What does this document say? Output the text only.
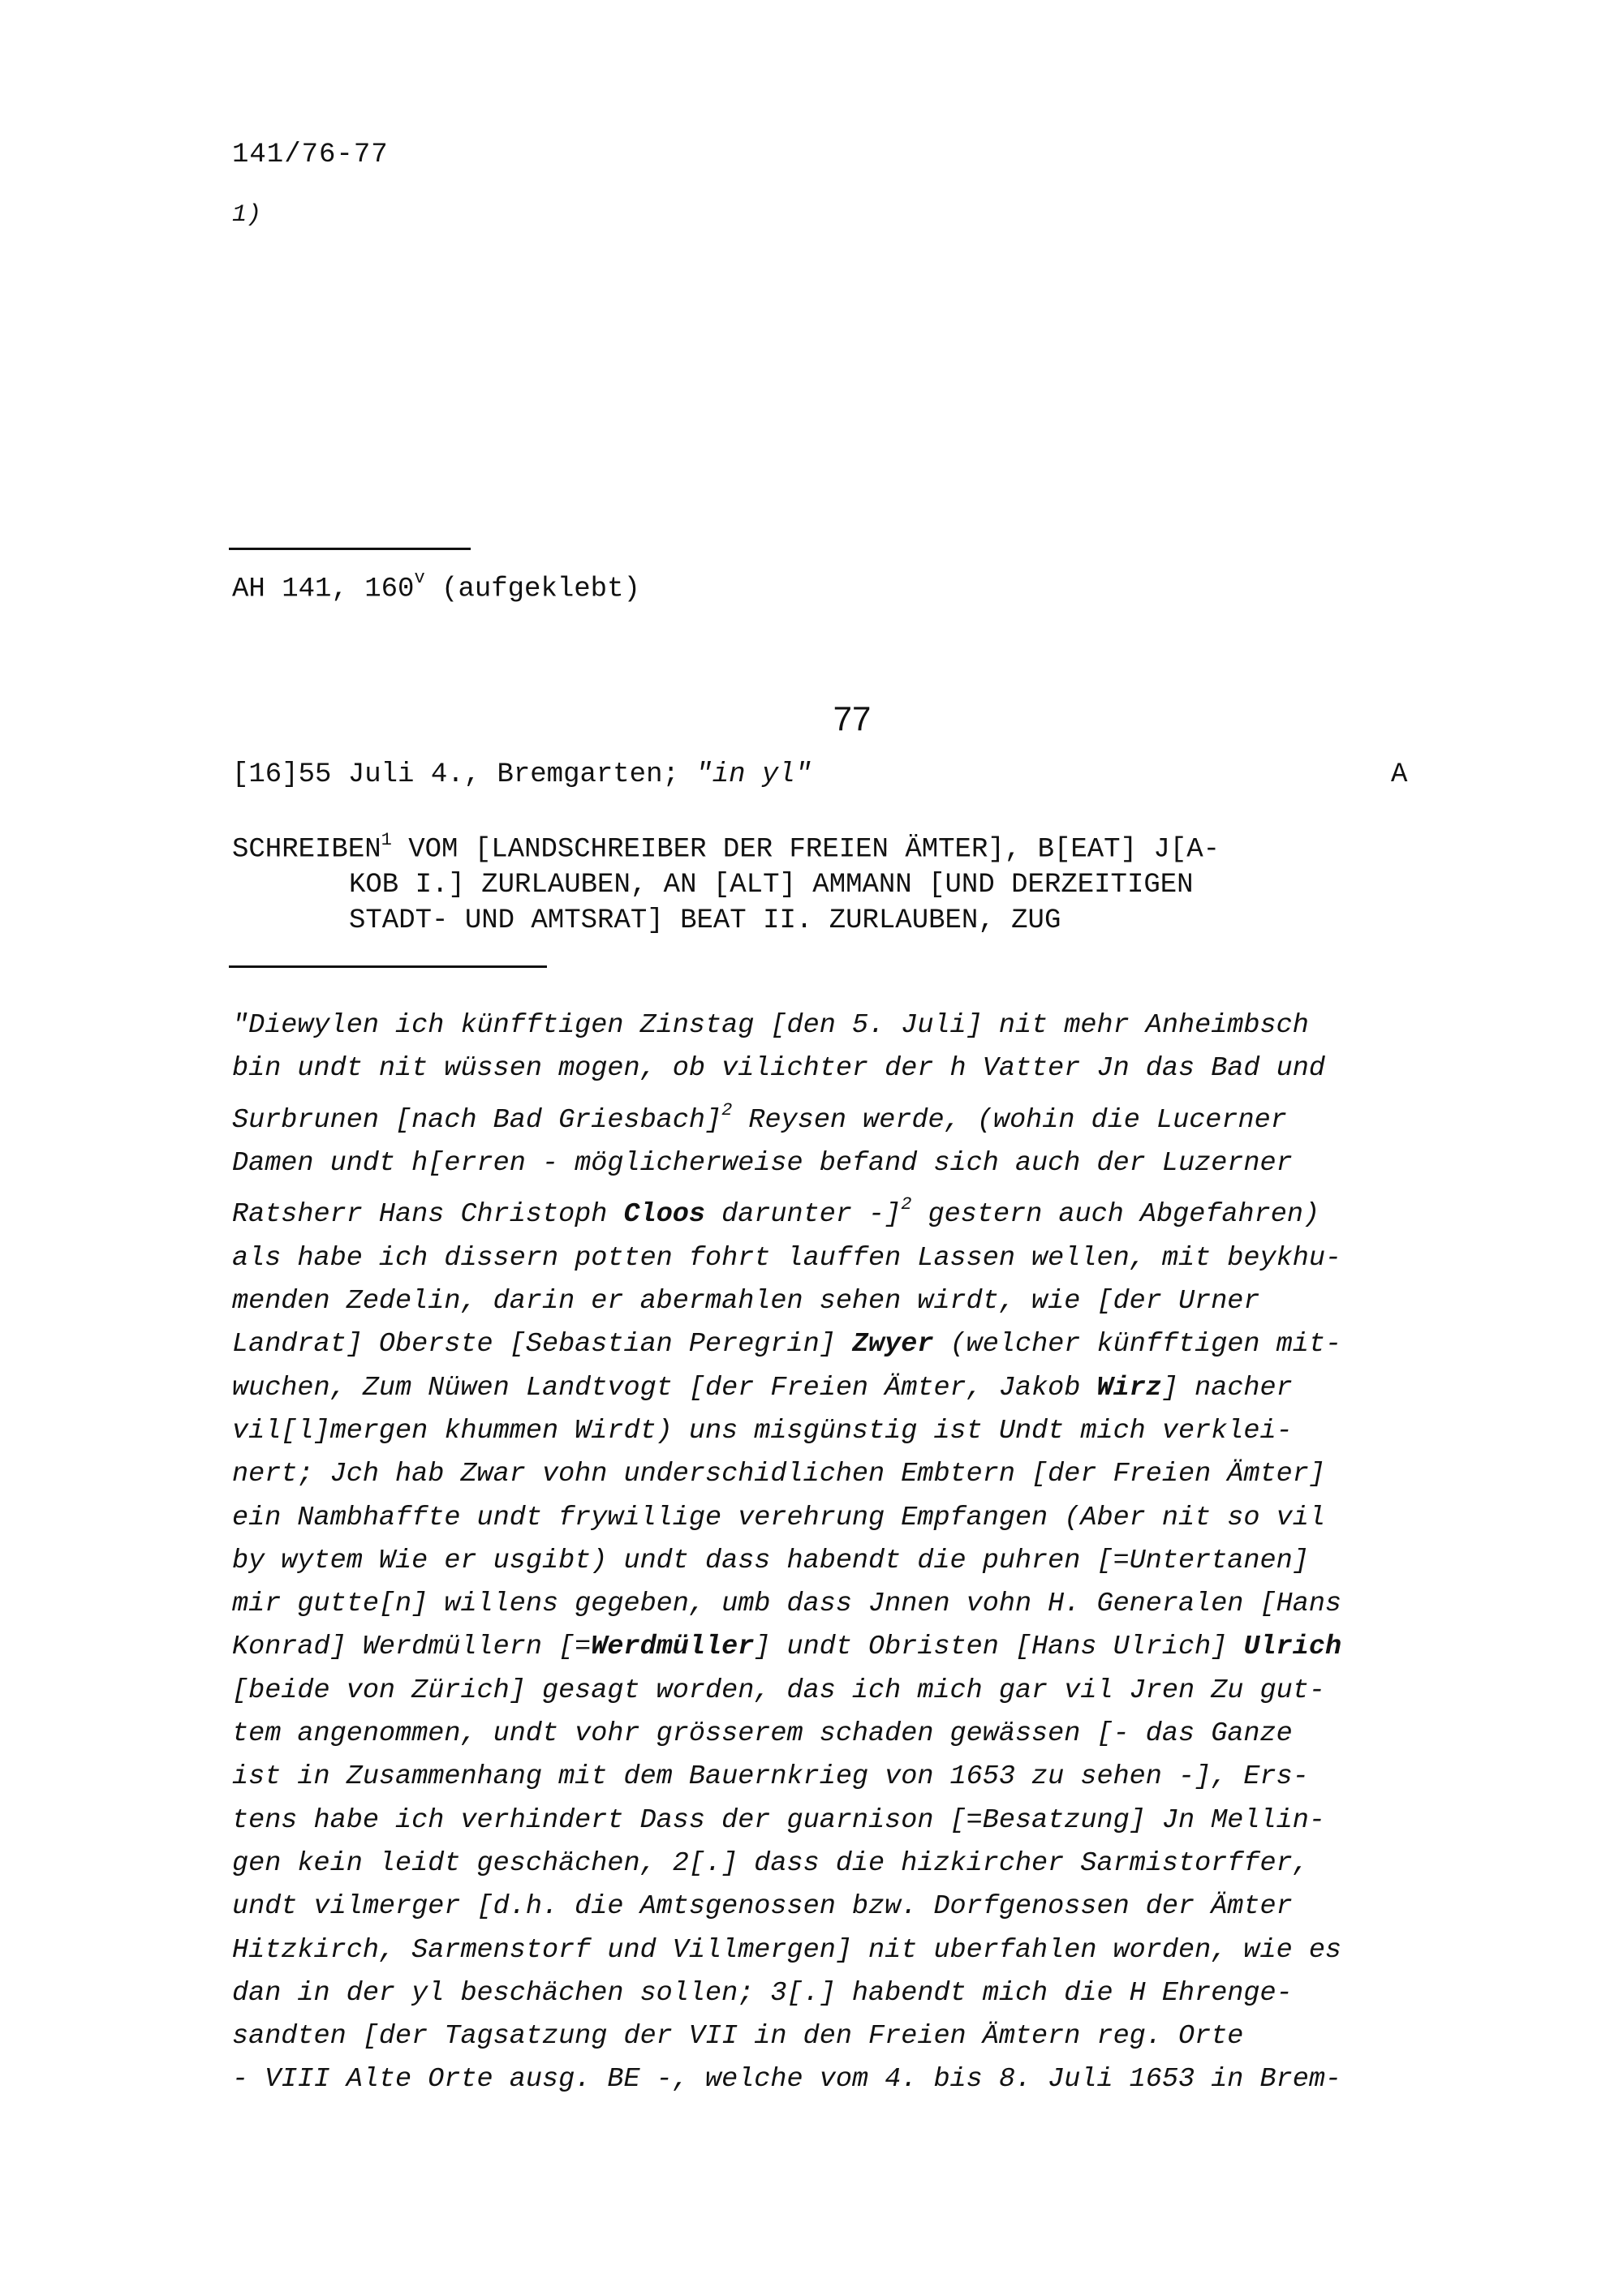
141/76-77
1)
AH 141, 160$^v$ (aufgeklebt)
77
[16]55 Juli 4., Bremgarten; "in yl"	A
SCHREIBEN$^1$ VOM [LANDSCHREIBER DER FREIEN ÄMTER], B[EAT] J[A-
KOB I.] ZURLAUBEN, AN [ALT] AMMANN [UND DERZEITIGEN
STADT- UND AMTSRAT] BEAT II. ZURLAUBEN, ZUG
"Diewylen ich künfftigen Zinstag [den 5. Juli] nit mehr Anheimbsch
bin undt nit wüssen mogen, ob vilichter der h Vatter Jn das Bad und
Surbrunen [nach Bad Griesbach]$^2$ Reysen werde, (wohin die Lucerner
Damen undt h[erren - möglicherweise befand sich auch der Luzerner
Ratsherr Hans Christoph Cloos darunter -]$^2$ gestern auch Abgefahren)
als habe ich dissern potten fohrt lauffen Lassen wellen, mit beykhu-
menden Zedelin, darin er abermahlen sehen wirdt, wie [der Urner
Landrat] Oberste [Sebastian Peregrin] Zwyer (welcher künfftigen mit-
wuchen, Zum Nüwen Landtvogt [der Freien Ämter, Jakob Wirz] nacher
vil[l]mergen khummen Wirdt) uns misgünstig ist Undt mich verklei-
nert; Jch hab Zwar vohn underschidlichen Embtern [der Freien Ämter]
ein Nambhaffte undt frywillige verehrung Empfangen (Aber nit so vil
by wytem Wie er usgibt) undt dass habendt die puhren [=Untertanen]
mir gutte[n] willens gegeben, umb dass Jnnen vohn H. Generalen [Hans
Konrad] Werdmüllern [=Werdmüller] undt Obristen [Hans Ulrich] Ulrich
[beide von Zürich] gesagt worden, das ich mich gar vil Jren Zu gut-
tem angenommen, undt vohr grösserem schaden gewässen [- das Ganze
ist in Zusammenhang mit dem Bauernkrieg von 1653 zu sehen -], Ers-
tens habe ich verhindert Dass der guarnison [=Besatzung] Jn Mellin-
gen kein leidt geschächen, 2[.] dass die hizkircher Sarmistorffer,
undt vilmerger [d.h. die Amtsgenossen bzw. Dorfgenossen der Ämter
Hitzkirch, Sarmenstorf und Villmergen] nit uberfahlen worden, wie es
dan in der yl beschächen sollen; 3[.] habendt mich die H Ehrenge-
sandten [der Tagsatzung der VII in den Freien Ämtern reg. Orte
- VIII Alte Orte ausg. BE -, welche vom 4. bis 8. Juli 1653 in Brem-
